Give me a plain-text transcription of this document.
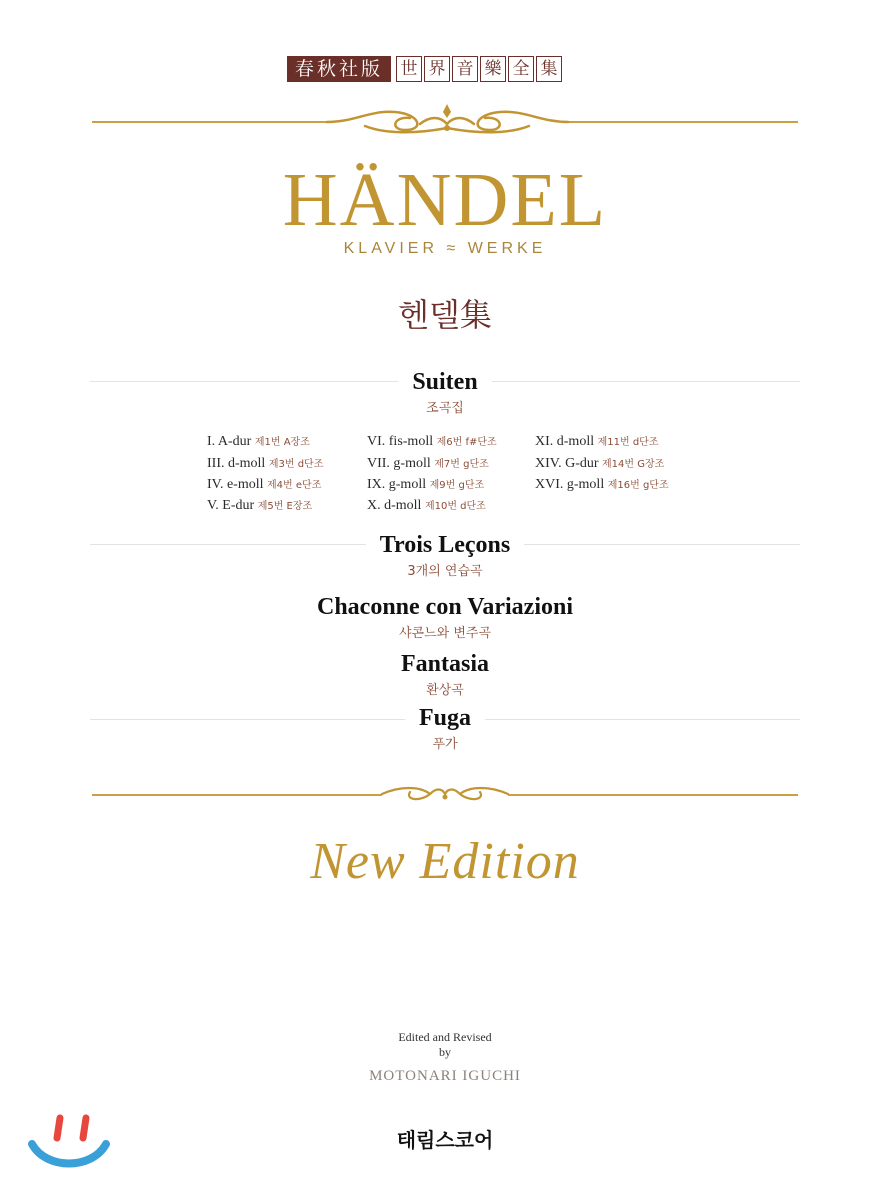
春秋社版	世 界 音 樂 全 集
HÄNDEL
KLAVIER ≈ WERKE
헨델集
Suiten
조곡집
I. A-dur 제1번 A장조
III. d-moll 제3번 d단조
IV. e-moll 제4번 e단조
V. E-dur 제5번 E장조
VI. fis-moll 제6번 f#단조
VII. g-moll 제7번 g단조
IX. g-moll 제9번 g단조
X. d-moll 제10번 d단조
XI. d-moll 제11번 d단조
XIV. G-dur 제14번 G장조
XVI. g-moll 제16번 g단조
Trois Leçons
3개의 연습곡
Chaconne con Variazioni
샤콘느와 변주곡
Fantasia
환상곡
Fuga
푸가
New Edition
Edited and Revised
by
MOTONARI IGUCHI
태림스코어
